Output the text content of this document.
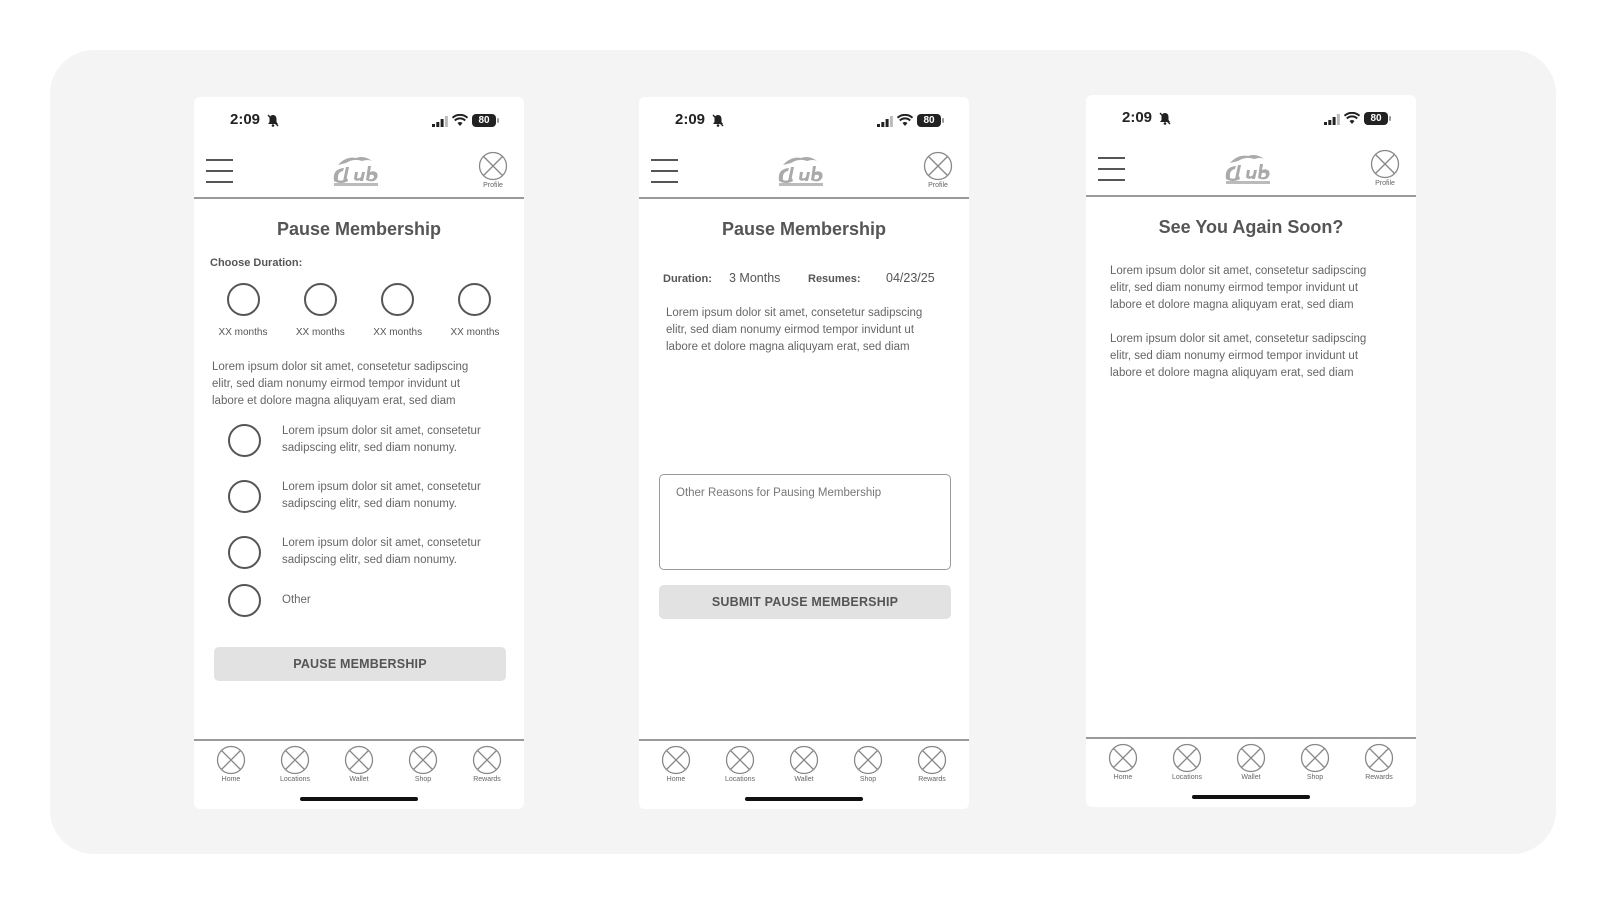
2:09	80
Profile
Pause Membership
Choose Duration:
XX months	XX months	XX months	XX months
Lorem ipsum dolor sit amet, consetetur sadipscing elitr, sed diam nonumy eirmod tempor invidunt ut labore et dolore magna aliquyam erat, sed diam
Lorem ipsum dolor sit amet, consetetur sadipscing elitr, sed diam nonumy.
Lorem ipsum dolor sit amet, consetetur sadipscing elitr, sed diam nonumy.
Lorem ipsum dolor sit amet, consetetur sadipscing elitr, sed diam nonumy.
Other
PAUSE MEMBERSHIP
Home	Locations	Wallet	Shop	Rewards
2:09	80
Profile
Pause Membership
Duration: 3 Months	Resumes: 04/23/25
Lorem ipsum dolor sit amet, consetetur sadipscing elitr, sed diam nonumy eirmod tempor invidunt ut labore et dolore magna aliquyam erat, sed diam
Other Reasons for Pausing Membership
SUBMIT PAUSE MEMBERSHIP
Home	Locations	Wallet	Shop	Rewards
2:09	80
Profile
See You Again Soon?
Lorem ipsum dolor sit amet, consetetur sadipscing elitr, sed diam nonumy eirmod tempor invidunt ut labore et dolore magna aliquyam erat, sed diam
Lorem ipsum dolor sit amet, consetetur sadipscing elitr, sed diam nonumy eirmod tempor invidunt ut labore et dolore magna aliquyam erat, sed diam
Home	Locations	Wallet	Shop	Rewards
